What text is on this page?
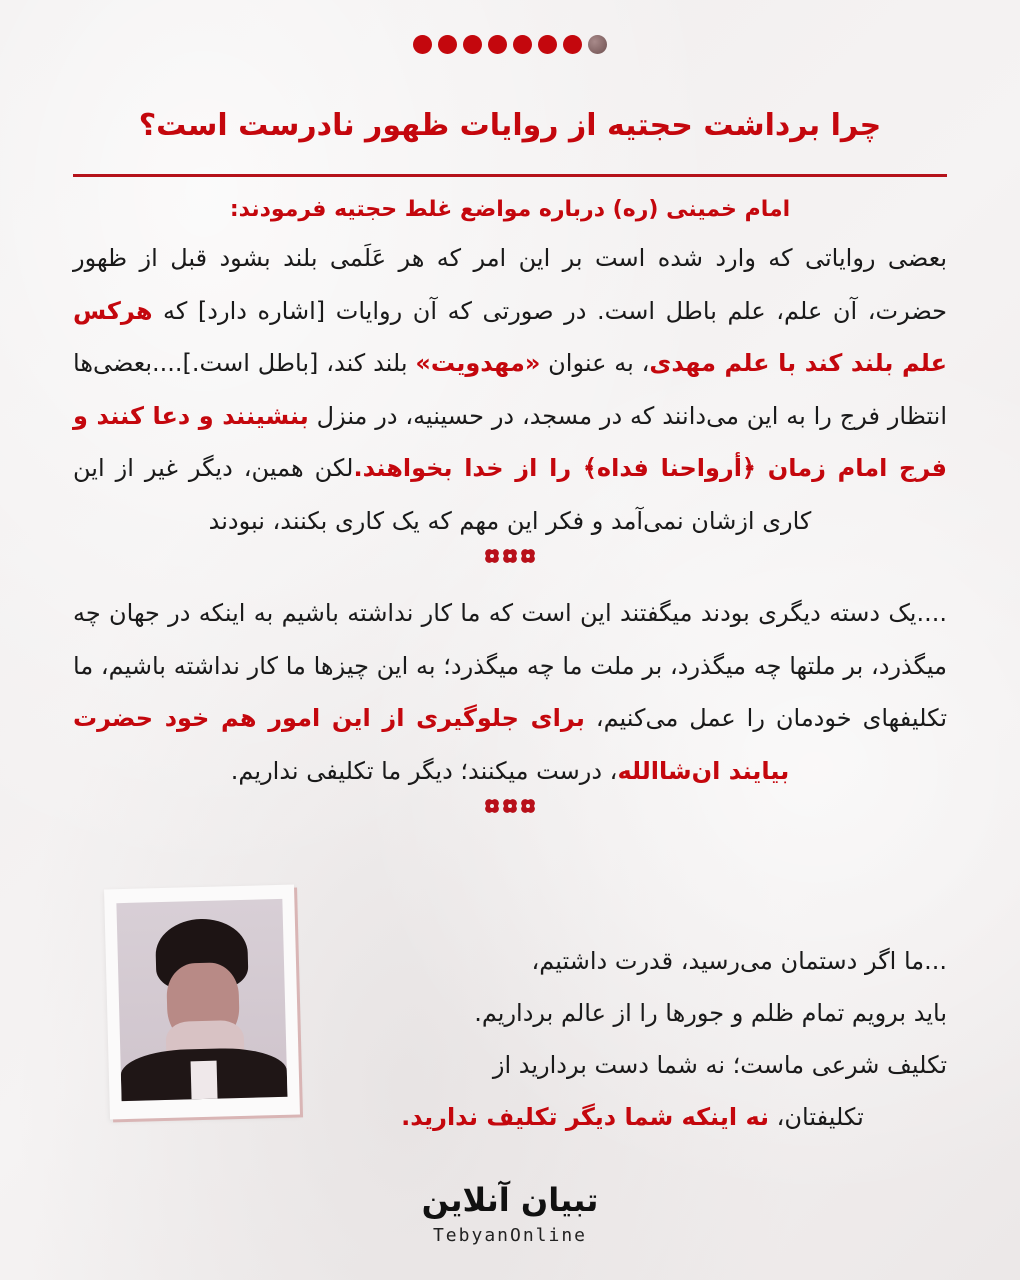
چرا برداشت حجتیه از روایات ظهور نادرست است؟
امام خمینی (ره) درباره مواضع غلط حجتیه فرمودند:
بعضی روایاتی که وارد شده است بر این امر که هر عَلَمی بلند بشود قبل از ظهور حضرت، آن علم، علم باطل است. در صورتی که آن روایات [اشاره دارد] که هرکس علم بلند کند با علم مهدی، به عنوان «مهدویت» بلند کند، [باطل است.]....بعضی‌ها انتظار فرج را به این می‌دانند که در مسجد، در حسینیه، در منزل بنشینند و دعا کنند و فرج امام زمان ﴿أرواحنا فداه﴾ را از خدا بخواهند.لکن همین، دیگر غیر از این کاری ازشان نمی‌آمد و فکر این مهم که یک کاری بکنند، نبودند
....یک دسته دیگری بودند میگفتند این است که ما کار نداشته باشیم به اینکه در جهان چه میگذرد، بر ملتها چه میگذرد، بر ملت ما چه میگذرد؛ به این چیزها ما کار نداشته باشیم، ما تکلیفهای خودمان را عمل می‌کنیم، برای جلوگیری از این امور هم خود حضرت بیایند ان‌شاالله، درست میکنند؛ دیگر ما تکلیفی نداریم.
...ما اگر دستمان می‌رسید، قدرت داشتیم،
باید برویم تمام ظلم و جورها را از عالم برداریم.
تکلیف شرعی ماست؛ نه شما دست بردارید از
تکلیفتان، نه اینکه شما دیگر تکلیف ندارید.
تبیان آنلاین
TebyanOnline
